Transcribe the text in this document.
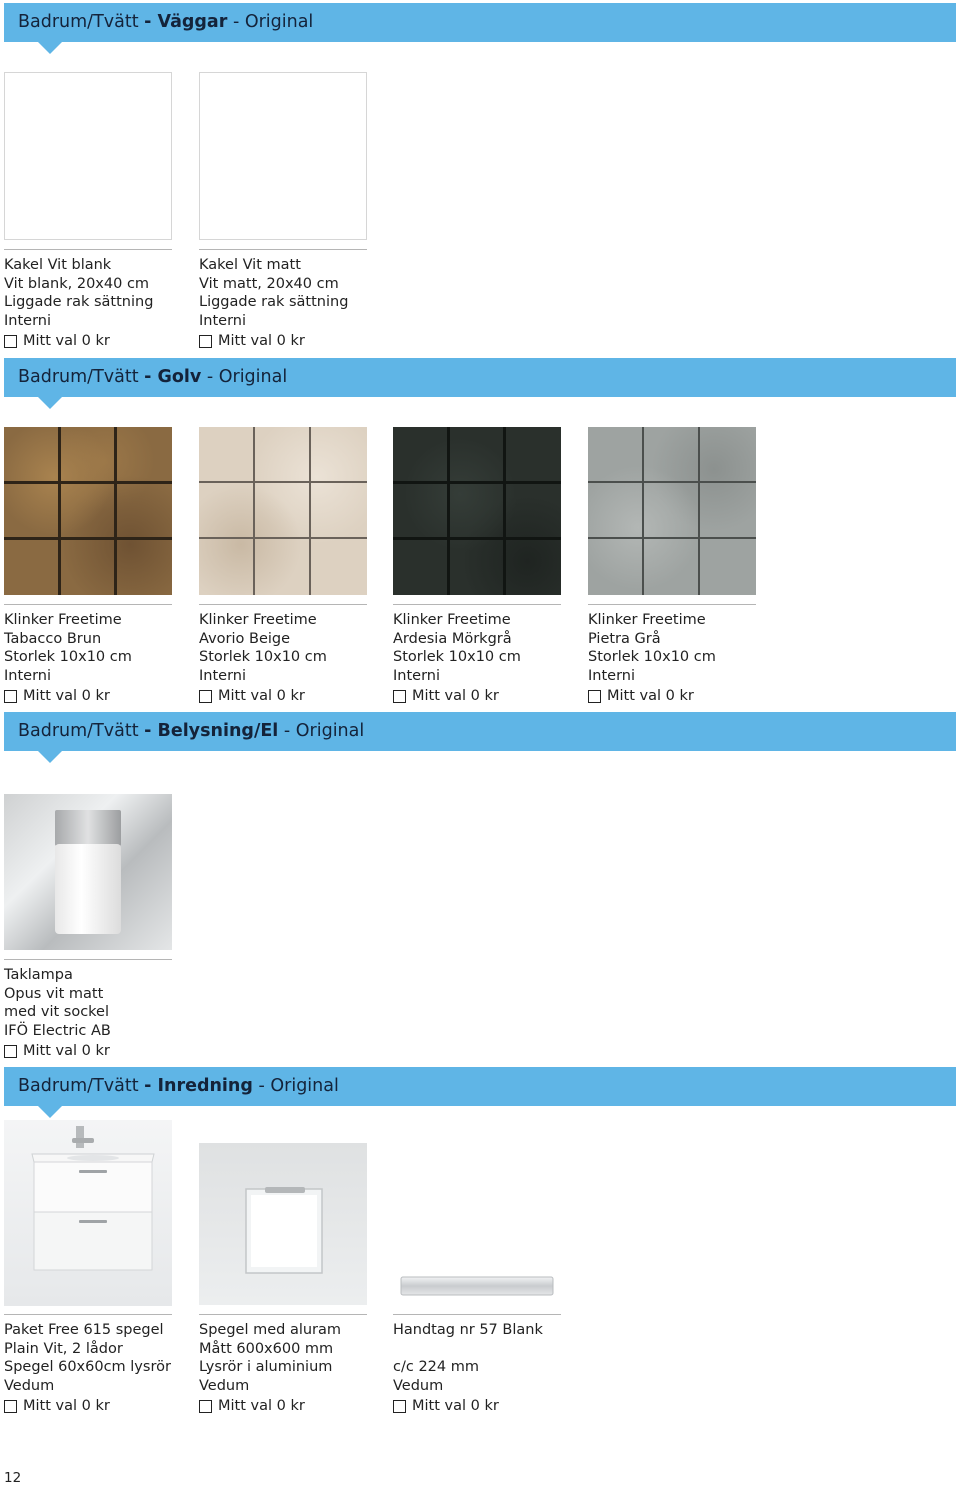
Badrum/Tvätt - Väggar - Original
Kakel Vit blank
Vit blank, 20x40 cm
Liggade rak sättning
Interni
Mitt val
0 kr
Kakel Vit matt
Vit matt, 20x40 cm
Liggade rak sättning
Interni
Mitt val
0 kr
Badrum/Tvätt - Golv - Original
Klinker Freetime
Tabacco Brun
Storlek 10x10 cm
Interni
Mitt val
0 kr
Klinker Freetime
Avorio Beige
Storlek 10x10 cm
Interni
Mitt val
0 kr
Klinker Freetime
Ardesia Mörkgrå
Storlek 10x10 cm
Interni
Mitt val
0 kr
Klinker Freetime
Pietra Grå
Storlek 10x10 cm
Interni
Mitt val
0 kr
Badrum/Tvätt - Belysning/El - Original
Taklampa
Opus vit matt
med vit sockel
IFÖ Electric AB
Mitt val
0 kr
Badrum/Tvätt - Inredning - Original
Paket Free 615 spegel
Plain Vit, 2 lådor
Spegel 60x60cm lysrör
Vedum
Mitt val
0 kr
Spegel med aluram
Mått 600x600 mm
Lysrör i aluminium
Vedum
Mitt val
0 kr
Handtag nr 57 Blank
c/c 224 mm
Vedum
Mitt val
0 kr
12
